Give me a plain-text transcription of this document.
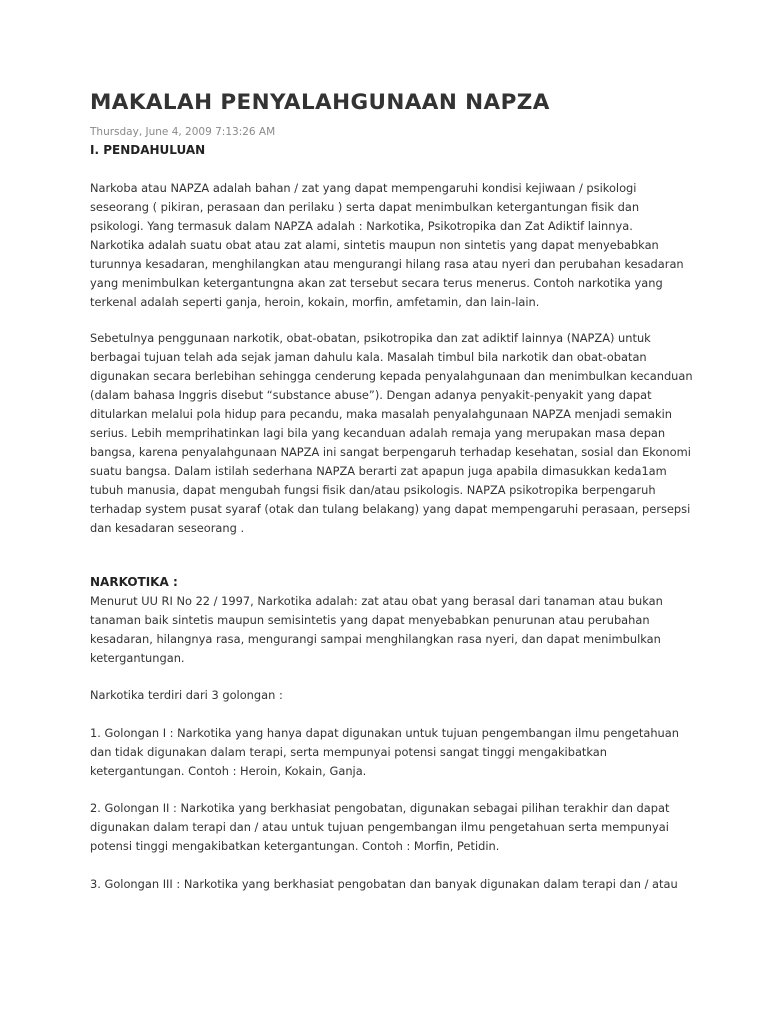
MAKALAH PENYALAHGUNAAN NAPZA
Thursday, June 4, 2009 7:13:26 AM
I. PENDAHULUAN
Narkoba atau NAPZA adalah bahan / zat yang dapat mempengaruhi kondisi kejiwaan / psikologi
seseorang ( pikiran, perasaan dan perilaku ) serta dapat menimbulkan ketergantungan fisik dan
psikologi. Yang termasuk dalam NAPZA adalah : Narkotika, Psikotropika dan Zat Adiktif lainnya.
Narkotika adalah suatu obat atau zat alami, sintetis maupun non sintetis yang dapat menyebabkan
turunnya kesadaran, menghilangkan atau mengurangi hilang rasa atau nyeri dan perubahan kesadaran
yang menimbulkan ketergantungna akan zat tersebut secara terus menerus. Contoh narkotika yang
terkenal adalah seperti ganja, heroin, kokain, morfin, amfetamin, dan lain-lain.
Sebetulnya penggunaan narkotik, obat-obatan, psikotropika dan zat adiktif lainnya (NAPZA) untuk
berbagai tujuan telah ada sejak jaman dahulu kala. Masalah timbul bila narkotik dan obat-obatan
digunakan secara berlebihan sehingga cenderung kepada penyalahgunaan dan menimbulkan kecanduan
(dalam bahasa Inggris disebut “substance abuse”). Dengan adanya penyakit-penyakit yang dapat
ditularkan melalui pola hidup para pecandu, maka masalah penyalahgunaan NAPZA menjadi semakin
serius. Lebih memprihatinkan lagi bila yang kecanduan adalah remaja yang merupakan masa depan
bangsa, karena penyalahgunaan NAPZA ini sangat berpengaruh terhadap kesehatan, sosial dan Ekonomi
suatu bangsa. Dalam istilah sederhana NAPZA berarti zat apapun juga apabila dimasukkan keda1am
tubuh manusia, dapat mengubah fungsi fisik dan/atau psikologis. NAPZA psikotropika berpengaruh
terhadap system pusat syaraf (otak dan tulang belakang) yang dapat mempengaruhi perasaan, persepsi
dan kesadaran seseorang .
NARKOTIKA :
Menurut UU RI No 22 / 1997, Narkotika adalah: zat atau obat yang berasal dari tanaman atau bukan
tanaman baik sintetis maupun semisintetis yang dapat menyebabkan penurunan atau perubahan
kesadaran, hilangnya rasa, mengurangi sampai menghilangkan rasa nyeri, dan dapat menimbulkan
ketergantungan.
Narkotika terdiri dari 3 golongan :
1. Golongan I : Narkotika yang hanya dapat digunakan untuk tujuan pengembangan ilmu pengetahuan
dan tidak digunakan dalam terapi, serta mempunyai potensi sangat tinggi mengakibatkan
ketergantungan. Contoh : Heroin, Kokain, Ganja.
2. Golongan II : Narkotika yang berkhasiat pengobatan, digunakan sebagai pilihan terakhir dan dapat
digunakan dalam terapi dan / atau untuk tujuan pengembangan ilmu pengetahuan serta mempunyai
potensi tinggi mengakibatkan ketergantungan. Contoh : Morfin, Petidin.
3. Golongan III : Narkotika yang berkhasiat pengobatan dan banyak digunakan dalam terapi dan / atau
